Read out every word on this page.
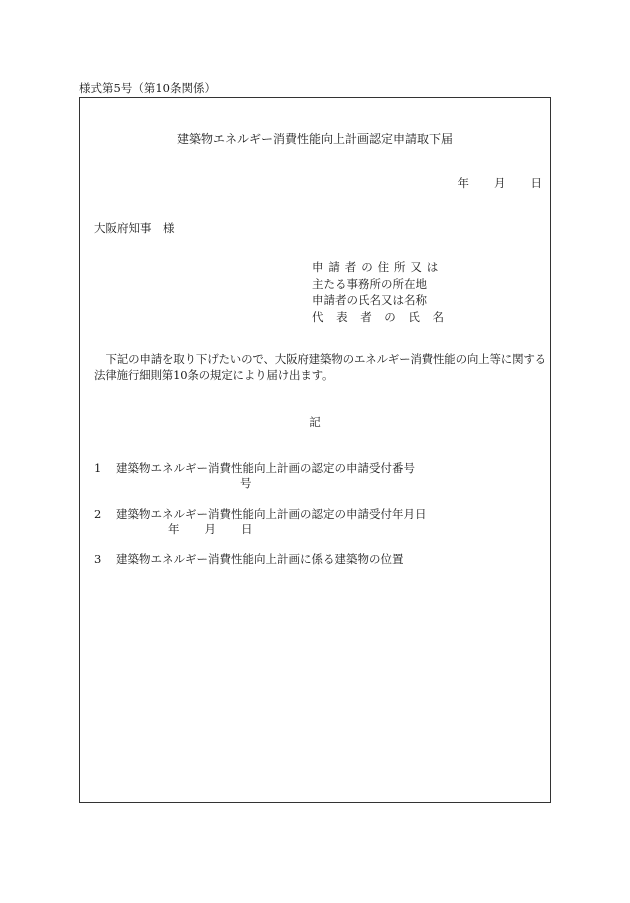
様式第5号（第10条関係）
建築物エネルギー消費性能向上計画認定申請取下届
年 月 日
大阪府知事　様
申請者の住所又は
主たる事務所の所在地
申請者の氏名又は名称
代表者の氏名
下記の申請を取り下げたいので、大阪府建築物のエネルギー消費性能の向上等に関する法律施行細則第10条の規定により届け出ます。
記
1 建築物エネルギー消費性能向上計画の認定の申請受付番号
号
2 建築物エネルギー消費性能向上計画の認定の申請受付年月日
年 月 日
3 建築物エネルギー消費性能向上計画に係る建築物の位置
